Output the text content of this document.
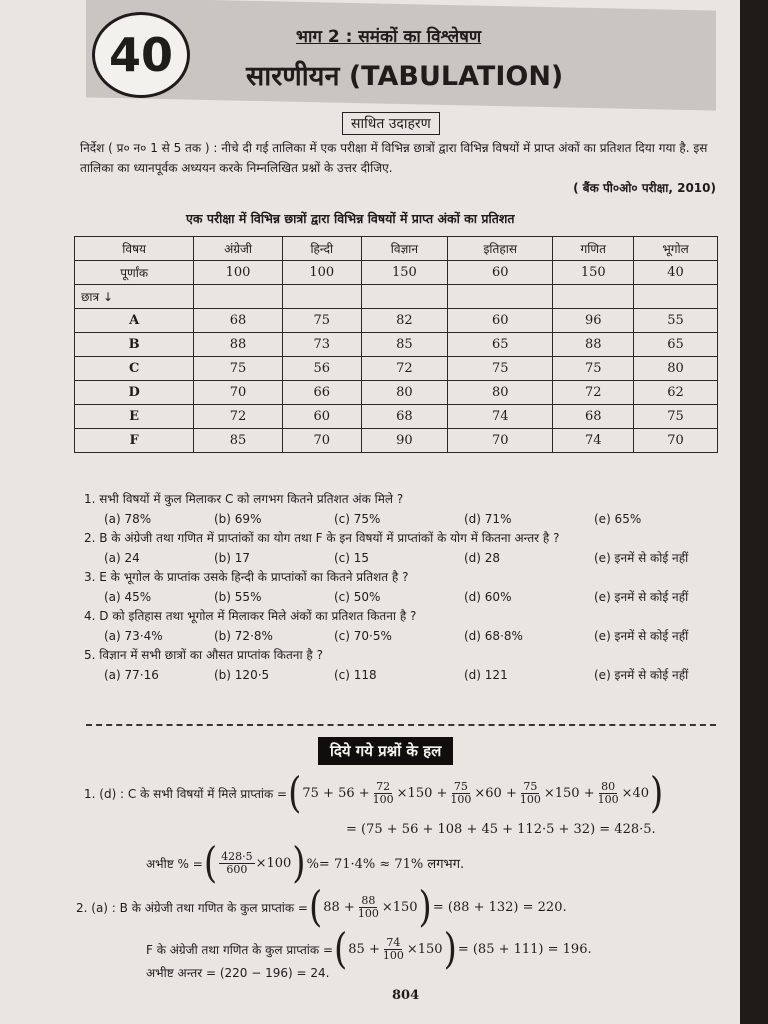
40	भाग 2 : समंकों का विश्लेषण
सारणीयन (TABULATION)
साधित उदाहरण
निर्देश ( प्र० न० 1 से 5 तक ) : नीचे दी गई तालिका में एक परीक्षा में विभिन्न छात्रों द्वारा विभिन्न विषयों में प्राप्त अंकों का प्रतिशत दिया गया है. इस तालिका का ध्यानपूर्वक अध्ययन करके निम्नलिखित प्रश्नों के उत्तर दीजिए.
( बैंक पी०ओ० परीक्षा, 2010)
एक परीक्षा में विभिन्न छात्रों द्वारा विभिन्न विषयों में प्राप्त अंकों का प्रतिशत
विषय	अंग्रेजी	हिन्दी	विज्ञान	इतिहास	गणित	भूगोल
पूर्णांक	100	100	150	60	150	40
छात्र ↓						
A	68	75	82	60	96	55
B	88	73	85	65	88	65
C	75	56	72	75	75	80
D	70	66	80	80	72	62
E	72	60	68	74	68	75
F	85	70	90	70	74	70
1. सभी विषयों में कुल मिलाकर C को लगभग कितने प्रतिशत अंक मिले ?
(a) 78%	(b) 69%	(c) 75%	(d) 71%	(e) 65%
2. B के अंग्रेजी तथा गणित में प्राप्तांकों का योग तथा F के इन विषयों में प्राप्तांकों के योग में कितना अन्तर है ?
(a) 24	(b) 17	(c) 15	(d) 28	(e) इनमें से कोई नहीं
3. E के भूगोल के प्राप्तांक उसके हिन्दी के प्राप्तांकों का कितने प्रतिशत है ?
(a) 45%	(b) 55%	(c) 50%	(d) 60%	(e) इनमें से कोई नहीं
4. D को इतिहास तथा भूगोल में मिलाकर मिले अंकों का प्रतिशत कितना है ?
(a) 73·4%	(b) 72·8%	(c) 70·5%	(d) 68·8%	(e) इनमें से कोई नहीं
5. विज्ञान में सभी छात्रों का औसत प्राप्तांक कितना है ?
(a) 77·16	(b) 120·5	(c) 118	(d) 121	(e) इनमें से कोई नहीं
दिये गये प्रश्नों के हल
1. (d) : C के सभी विषयों में मिले प्राप्तांक = ( $75 + 56 + \frac{72}{100} \times 150 + \frac{75}{100} \times 60 + \frac{75}{100} \times 150 + \frac{80}{100} \times 40$ )
= (75 + 56 + 108 + 45 + 112·5 + 32) = 428·5.
अभीष्ट % = ( $\frac{428\cdot 5}{600} \times 100$ ) %= 71·4% ≈ 71% लगभग.
2. (a) : B के अंग्रेजी तथा गणित के कुल प्राप्तांक = ( $88 + \frac{88}{100} \times 150$ ) = (88 + 132) = 220.
F के अंग्रेजी तथा गणित के कुल प्राप्तांक = ( $85 + \frac{74}{100} \times 150$ ) = (85 + 111) = 196.
अभीष्ट अन्तर = (220 − 196) = 24.
804
